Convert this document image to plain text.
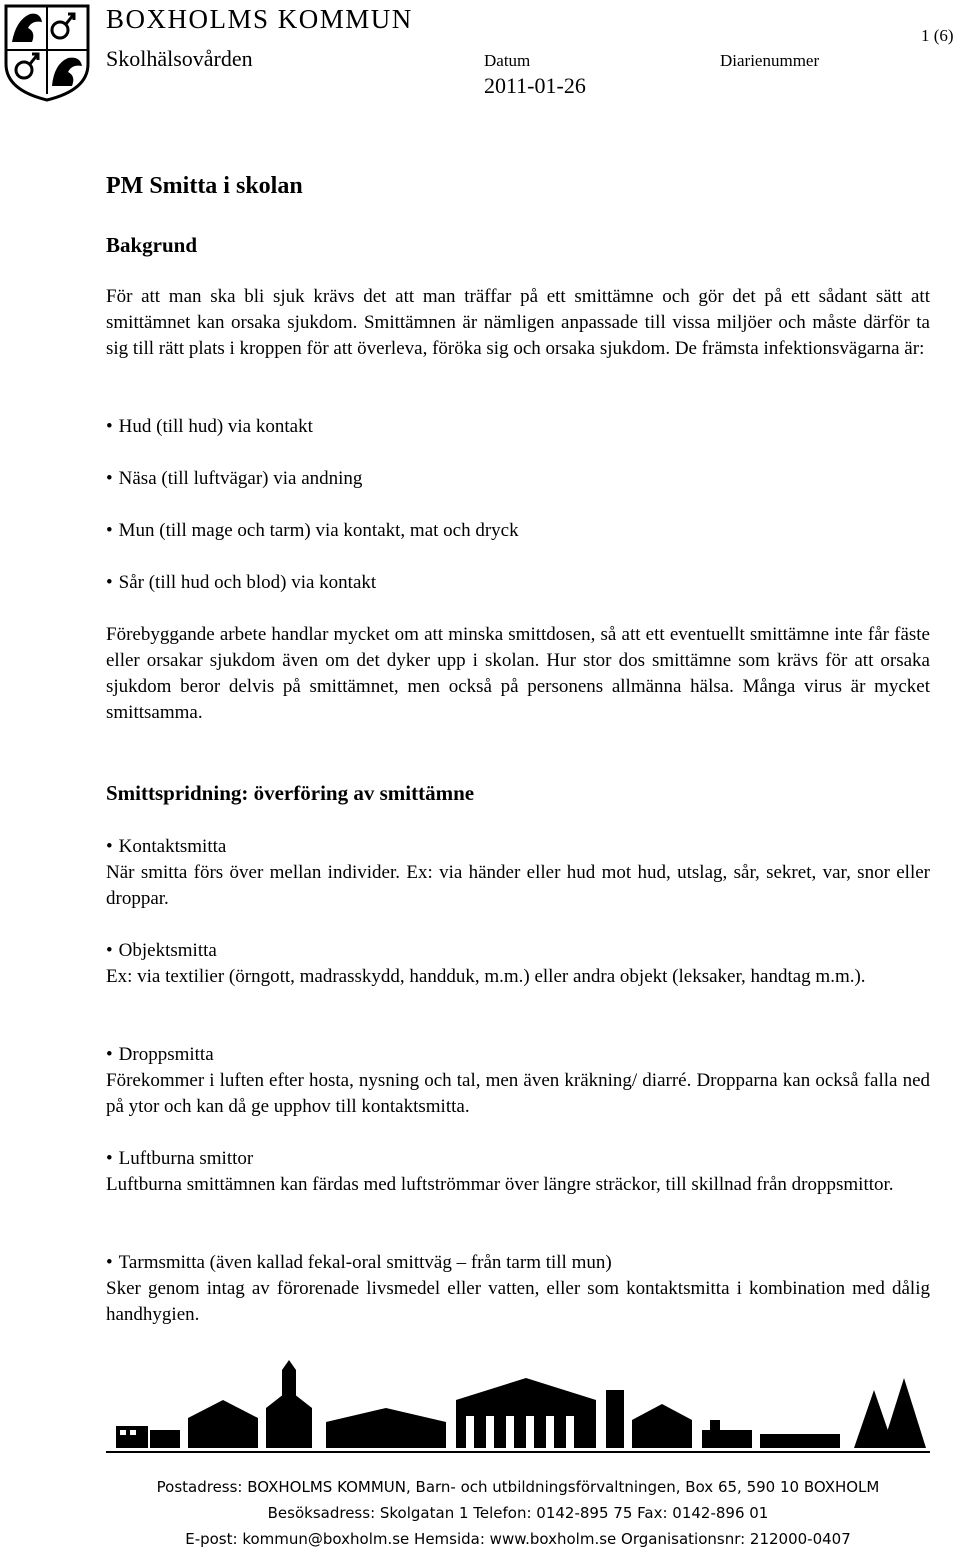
BOXHOLMS KOMMUN
Skolhälsovården	Datum
2011-01-26
Diarienummer
1 (6)
PM Smitta i skolan
Bakgrund
För att man ska bli sjuk krävs det att man träffar på ett smittämne och gör det på ett sådant sätt att smittämnet kan orsaka sjukdom. Smittämnen är nämligen anpassade till vissa miljöer och måste därför ta sig till rätt plats i kroppen för att överleva, föröka sig och orsaka sjukdom. De främsta infektionsvägarna är:
• Hud (till hud) via kontakt
• Näsa (till luftvägar) via andning
• Mun (till mage och tarm) via kontakt, mat och dryck
• Sår (till hud och blod) via kontakt
Förebyggande arbete handlar mycket om att minska smittdosen, så att ett eventuellt smittämne inte får fäste eller orsakar sjukdom även om det dyker upp i skolan. Hur stor dos smittämne som krävs för att orsaka sjukdom beror delvis på smittämnet, men också på personens allmänna hälsa. Många virus är mycket smittsamma.
Smittspridning: överföring av smittämne
• Kontaktsmitta
När smitta förs över mellan individer. Ex: via händer eller hud mot hud, utslag, sår, sekret, var, snor eller droppar.
• Objektsmitta
Ex: via textilier (örngott, madrasskydd, handduk, m.m.) eller andra objekt (leksaker, handtag m.m.).
• Droppsmitta
Förekommer i luften efter hosta, nysning och tal, men även kräkning/ diarré. Dropparna kan också falla ned på ytor och kan då ge upphov till kontaktsmitta.
• Luftburna smittor
Luftburna smittämnen kan färdas med luftströmmar över längre sträckor, till skillnad från droppsmittor.
• Tarmsmitta (även kallad fekal-oral smittväg – från tarm till mun)
Sker genom intag av förorenade livsmedel eller vatten, eller som kontaktsmitta i kombination med dålig handhygien.
Postadress: BOXHOLMS KOMMUN, Barn- och utbildningsförvaltningen, Box 65, 590 10 BOXHOLM
Besöksadress: Skolgatan 1 Telefon: 0142-895 75 Fax: 0142-896 01
E-post: kommun@boxholm.se Hemsida: www.boxholm.se Organisationsnr: 212000-0407
